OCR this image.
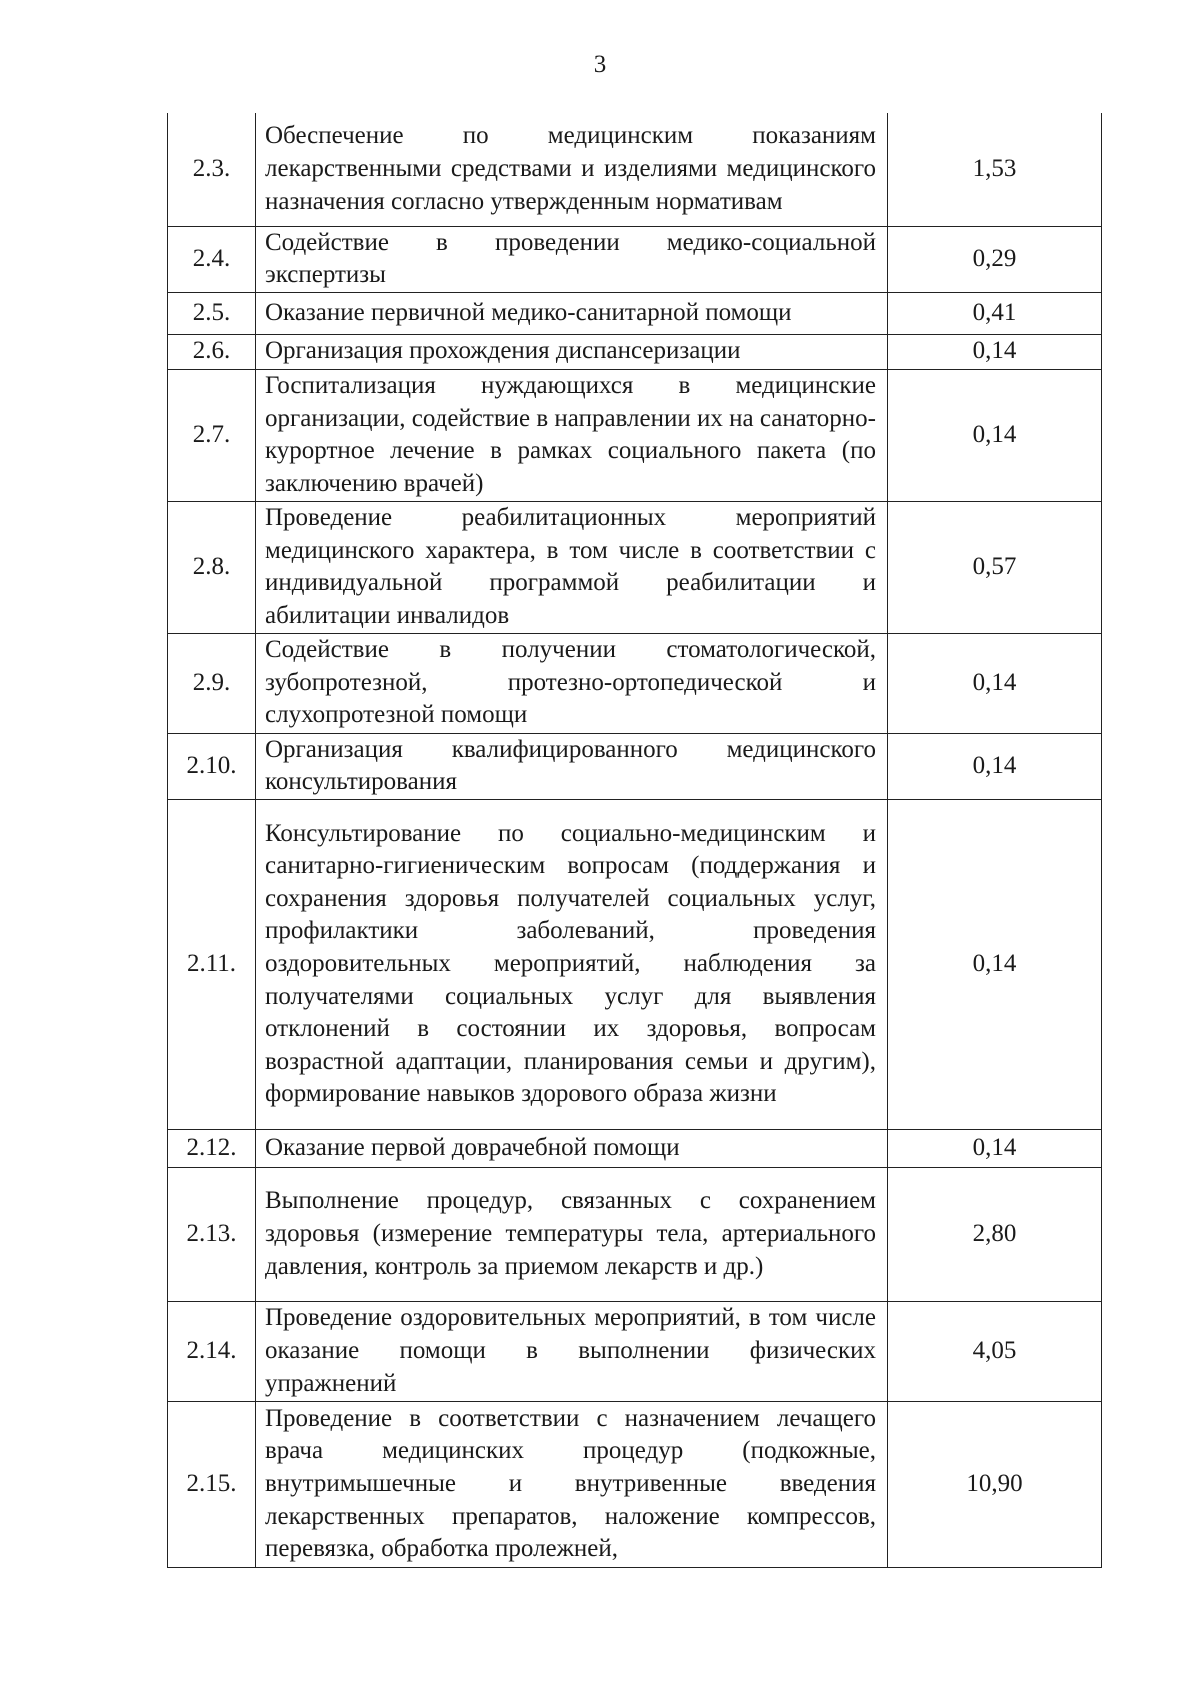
3
2.3.	Обеспечение по медицинским показаниям лекарственными средствами и изделиями медицинского назначения согласно утвержденным нормативам	1,53
2.4.	Содействие в проведении медико-социальной экспертизы	0,29
2.5.	Оказание первичной медико-санитарной помощи	0,41
2.6.	Организация прохождения диспансеризации	0,14
2.7.	Госпитализация нуждающихся в медицинские организации, содействие в направлении их на санаторно-курортное лечение в рамках социального пакета (по заключению врачей)	0,14
2.8.	Проведение реабилитационных мероприятий медицинского характера, в том числе в соответствии с индивидуальной программой реабилитации и абилитации инвалидов	0,57
2.9.	Содействие в получении стоматологической, зубопротезной, протезно-ортопедической и слухопротезной помощи	0,14
2.10.	Организация квалифицированного медицинского консультирования	0,14
2.11.	Консультирование по социально-медицинским и санитарно-гигиеническим вопросам (поддержания и сохранения здоровья получателей социальных услуг, профилактики заболеваний, проведения оздоровительных мероприятий, наблюдения за получателями социальных услуг для выявления отклонений в состоянии их здоровья, вопросам возрастной адаптации, планирования семьи и другим), формирование навыков здорового образа жизни	0,14
2.12.	Оказание первой доврачебной помощи	0,14
2.13.	Выполнение процедур, связанных с сохранением здоровья (измерение температуры тела, артериального давления, контроль за приемом лекарств и др.)	2,80
2.14.	Проведение оздоровительных мероприятий, в том числе оказание помощи в выполнении физических упражнений	4,05
2.15.	Проведение в соответствии с назначением лечащего врача медицинских процедур (подкожные, внутримышечные и внутривенные введения лекарственных препаратов, наложение компрессов, перевязка, обработка пролежней,	10,90
